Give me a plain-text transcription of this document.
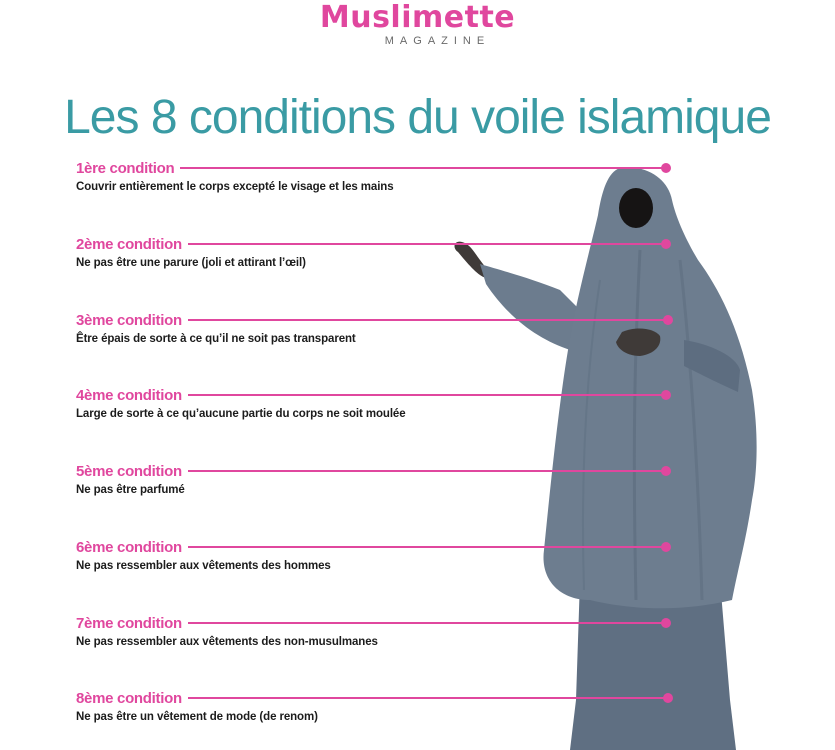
Muslimette
MAGAZINE
Les 8 conditions du voile islamique
1ère condition
Couvrir entièrement le corps excepté le visage et les mains
2ème condition
Ne pas être une parure (joli et attirant l’œil)
3ème condition
Être épais de sorte à ce qu’il ne soit pas transparent
4ème condition
Large de sorte à ce qu’aucune partie du corps ne soit moulée
5ème condition
Ne pas être parfumé
6ème condition
Ne pas ressembler aux vêtements des hommes
7ème condition
Ne pas ressembler aux vêtements des non-musulmanes
8ème condition
Ne pas être un vêtement de mode (de renom)
